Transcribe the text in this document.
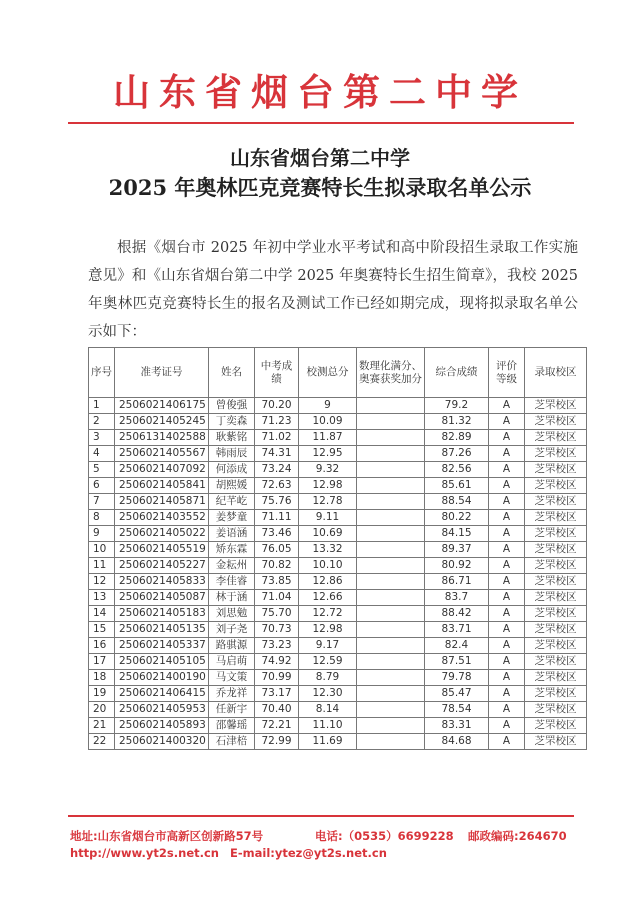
山东省烟台第二中学
山东省烟台第二中学
2025 年奥林匹克竞赛特长生拟录取名单公示
根据《烟台市 2025 年初中学业水平考试和高中阶段招生录取工作实施意见》和《山东省烟台第二中学 2025 年奥赛特长生招生简章》，我校 2025 年奥林匹克竞赛特长生的报名及测试工作已经如期完成，现将拟录取名单公示如下：
序号	准考证号	姓名	中考成绩	校测总分	数理化满分、奥赛获奖加分	综合成绩	评价等级	录取校区
1	2506021406175	曾俊强	70.20	9		79.2	A	芝罘校区
2	2506021405245	丁奕森	71.23	10.09		81.32	A	芝罘校区
3	2506131402588	耿紫铭	71.02	11.87		82.89	A	芝罘校区
4	2506021405567	韩雨辰	74.31	12.95		87.26	A	芝罘校区
5	2506021407092	何添成	73.24	9.32		82.56	A	芝罘校区
6	2506021405841	胡熙媛	72.63	12.98		85.61	A	芝罘校区
7	2506021405871	纪芊屹	75.76	12.78		88.54	A	芝罘校区
8	2506021403552	姜梦童	71.11	9.11		80.22	A	芝罘校区
9	2506021405022	姜语涵	73.46	10.69		84.15	A	芝罘校区
10	2506021405519	矫东霖	76.05	13.32		89.37	A	芝罘校区
11	2506021405227	金耘州	70.82	10.10		80.92	A	芝罘校区
12	2506021405833	李佳睿	73.85	12.86		86.71	A	芝罘校区
13	2506021405087	林于涵	71.04	12.66		83.7	A	芝罘校区
14	2506021405183	刘思勉	75.70	12.72		88.42	A	芝罘校区
15	2506021405135	刘子尧	70.73	12.98		83.71	A	芝罘校区
16	2506021405337	路骐源	73.23	9.17		82.4	A	芝罘校区
17	2506021405105	马启萌	74.92	12.59		87.51	A	芝罘校区
18	2506021400190	马文策	70.99	8.79		79.78	A	芝罘校区
19	2506021406415	乔龙祥	73.17	12.30		85.47	A	芝罘校区
20	2506021405953	任新宇	70.40	8.14		78.54	A	芝罘校区
21	2506021405893	邵馨瑶	72.21	11.10		83.31	A	芝罘校区
22	2506021400320	石津棓	72.99	11.69		84.68	A	芝罘校区
地址:山东省烟台市高新区创新路57号	电话:（0535）6699228 邮政编码:264670
http://www.yt2s.net.cn E-mail:ytez@yt2s.net.cn
